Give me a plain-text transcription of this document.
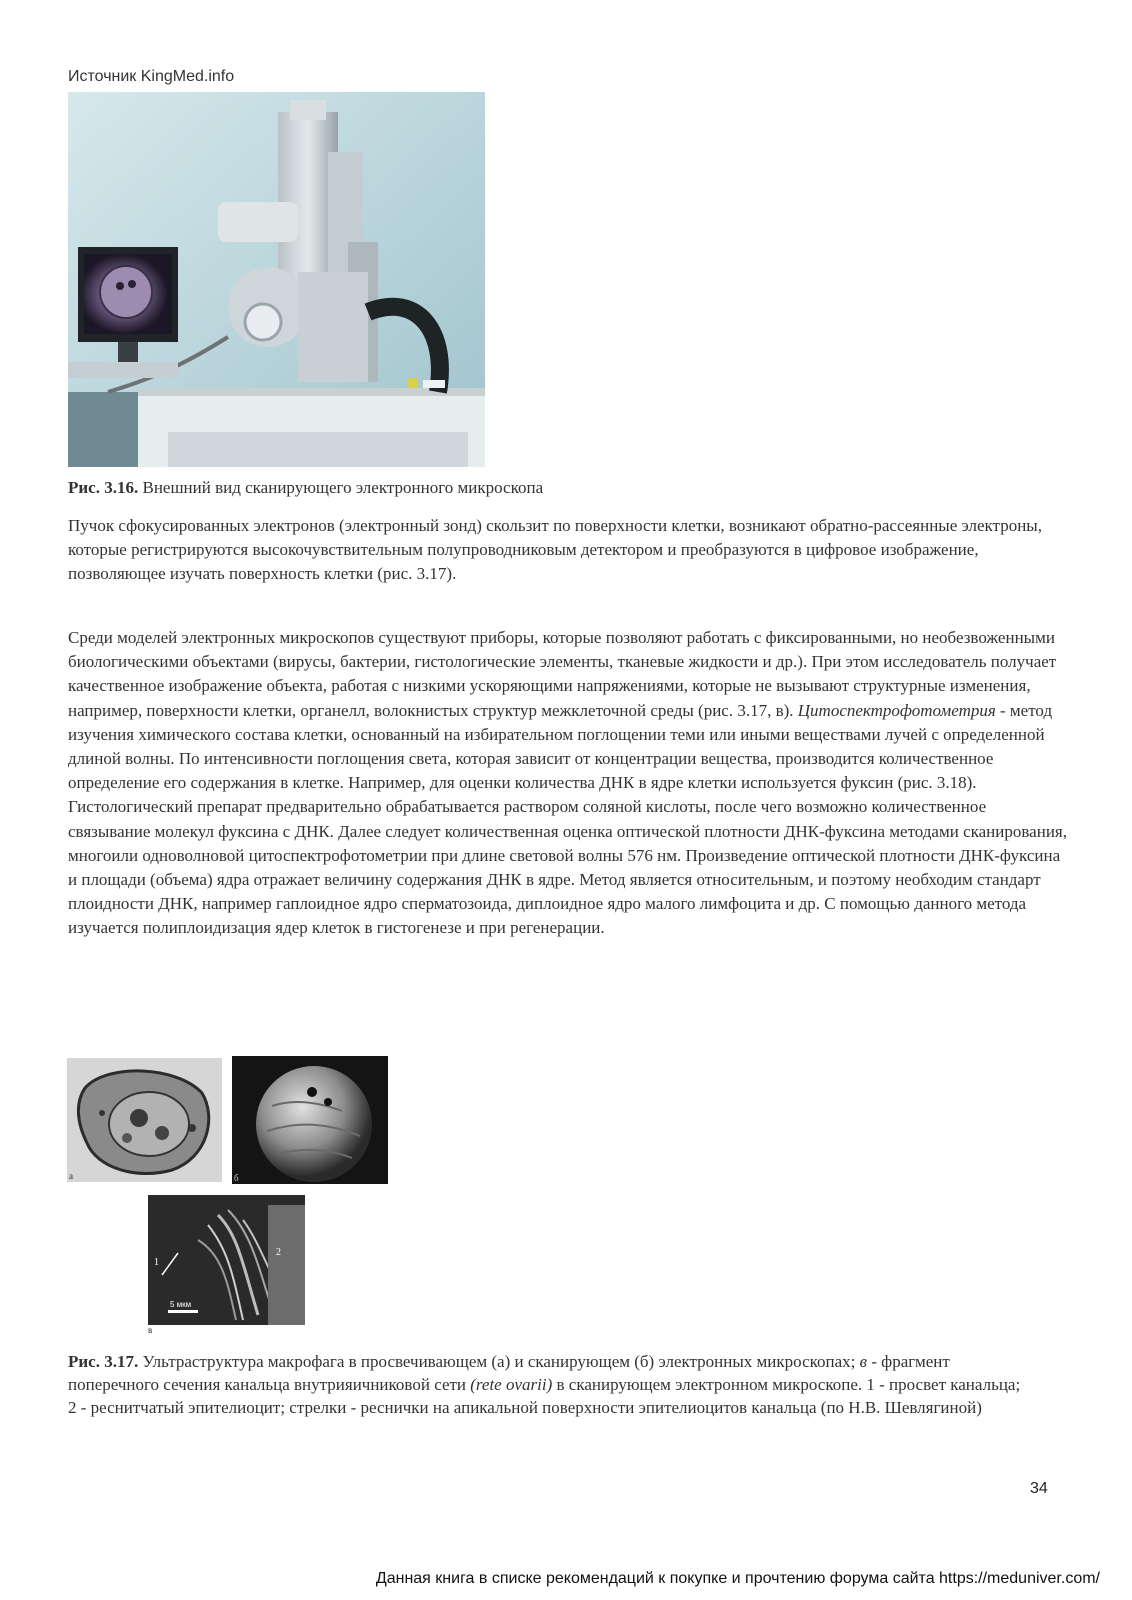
Источник KingMed.info
Рис. 3.16. Внешний вид сканирующего электронного микроскопа

Пучок сфокусированных электронов (электронный зонд) скользит по поверхности клетки, возникают обратно-рассеянные электроны, которые регистрируются высокочувствительным полупроводниковым детектором и преобразуются в цифровое изображение, позволяющее изучать поверхность клетки (рис. 3.17).

Среди моделей электронных микроскопов существуют приборы, которые позволяют работать с фиксированными, но необезвоженными биологическими объектами (вирусы, бактерии, гистологические элементы, тканевые жидкости и др.). При этом исследователь получает качественное изображение объекта, работая с низкими ускоряющими напряжениями, которые не вызывают структурные изменения, например, поверхности клетки, органелл, волокнистых структур межклеточной среды (рис. 3.17, в). Цитоспектрофотометрия - метод изучения химического состава клетки, основанный на избирательном поглощении теми или иными веществами лучей с определенной длиной волны. По интенсивности поглощения света, которая зависит от концентрации вещества, производится количественное определение его содержания в клетке. Например, для оценки количества ДНК в ядре клетки используется фуксин (рис. 3.18). Гистологический препарат предварительно обрабатывается раствором соляной кислоты, после чего возможно количественное связывание молекул фуксина с ДНК. Далее следует количественная оценка оптической плотности ДНК-фуксина методами сканирования, многоили одноволновой цитоспектрофотометрии при длине световой волны 576 нм. Произведение оптической плотности ДНК-фуксина и площади (объема) ядра отражает величину содержания ДНК в ядре. Метод является относительным, и поэтому необходим стандарт плоидности ДНК, например гаплоидное ядро сперматозоида, диплоидное ядро малого лимфоцита и др. С помощью данного метода изучается полиплоидизация ядер клеток в гистогенезе и при регенерации.

а	б
1
2
5 мкм
в
Рис. 3.17. Ультраструктура макрофага в просвечивающем (а) и сканирующем (б) электронных микроскопах; в - фрагмент поперечного сечения канальца внутрияичниковой сети (rete ovarii) в сканирующем электронном микроскопе. 1 - просвет канальца; 2 - реснитчатый эпителиоцит; стрелки - реснички на апикальной поверхности эпителиоцитов канальца (по Н.В. Шевлягиной)
34
Данная книга в списке рекомендаций к покупке и прочтению форума сайта https://meduniver.com/
